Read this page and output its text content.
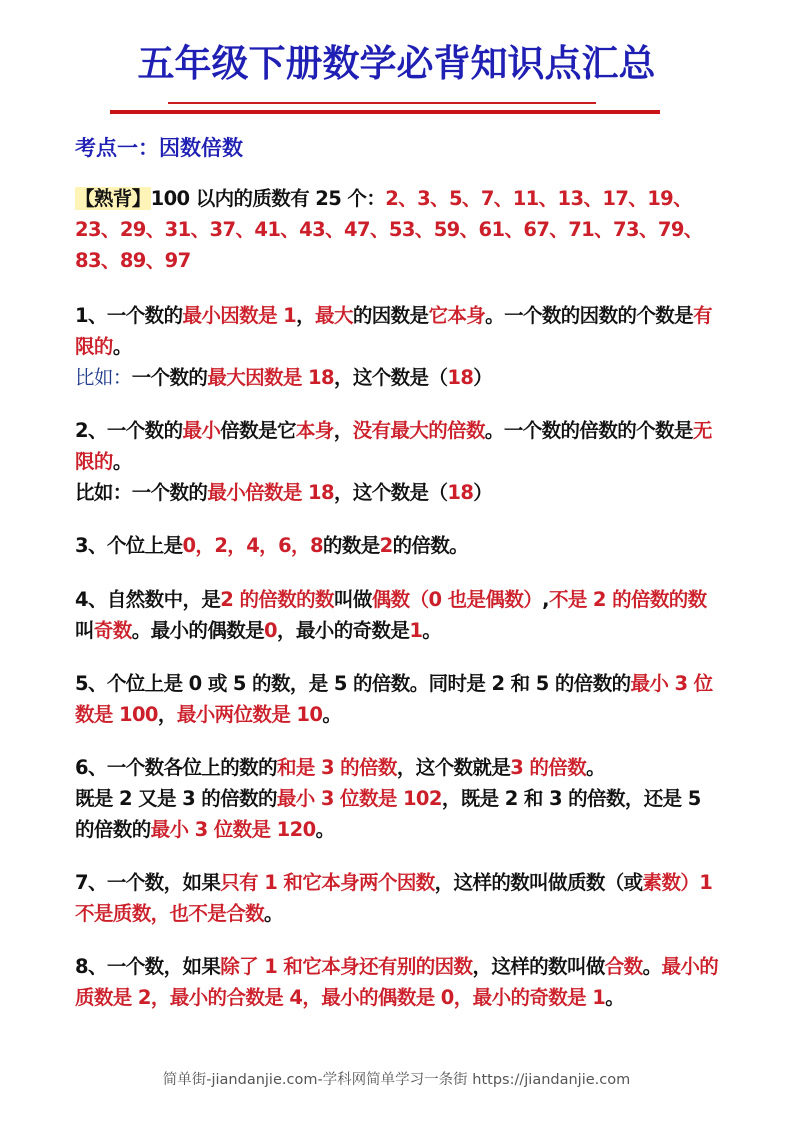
五年级下册数学必背知识点汇总
考点一：因数倍数
【熟背】100 以内的质数有 25 个：2、3、5、7、11、13、17、19、23、29、31、37、41、43、47、53、59、61、67、71、73、79、83、89、97
1、一个数的最小因数是 1，最大的因数是它本身。一个数的因数的个数是有限的。
比如：一个数的最大因数是 18，这个数是（18）
2、一个数的最小倍数是它本身，没有最大的倍数。一个数的倍数的个数是无限的。
比如：一个数的最小倍数是 18，这个数是（18）
3、个位上是0，2，4，6，8的数是2的倍数。
4、自然数中，是2 的倍数的数叫做偶数（0 也是偶数）,不是 2 的倍数的数叫奇数。最小的偶数是0，最小的奇数是1。
5、个位上是 0 或 5 的数，是 5 的倍数。同时是 2 和 5 的倍数的最小 3 位数是 100，最小两位数是 10。
6、一个数各位上的数的和是 3 的倍数，这个数就是3 的倍数。
既是 2 又是 3 的倍数的最小 3 位数是 102，既是 2 和 3 的倍数，还是 5 的倍数的最小 3 位数是 120。
7、一个数，如果只有 1 和它本身两个因数，这样的数叫做质数（或素数）1 不是质数，也不是合数。
8、一个数，如果除了 1 和它本身还有别的因数，这样的数叫做合数。最小的质数是 2，最小的合数是 4，最小的偶数是 0，最小的奇数是 1。
简单街-jiandanjie.com-学科网简单学习一条街 https://jiandanjie.com
